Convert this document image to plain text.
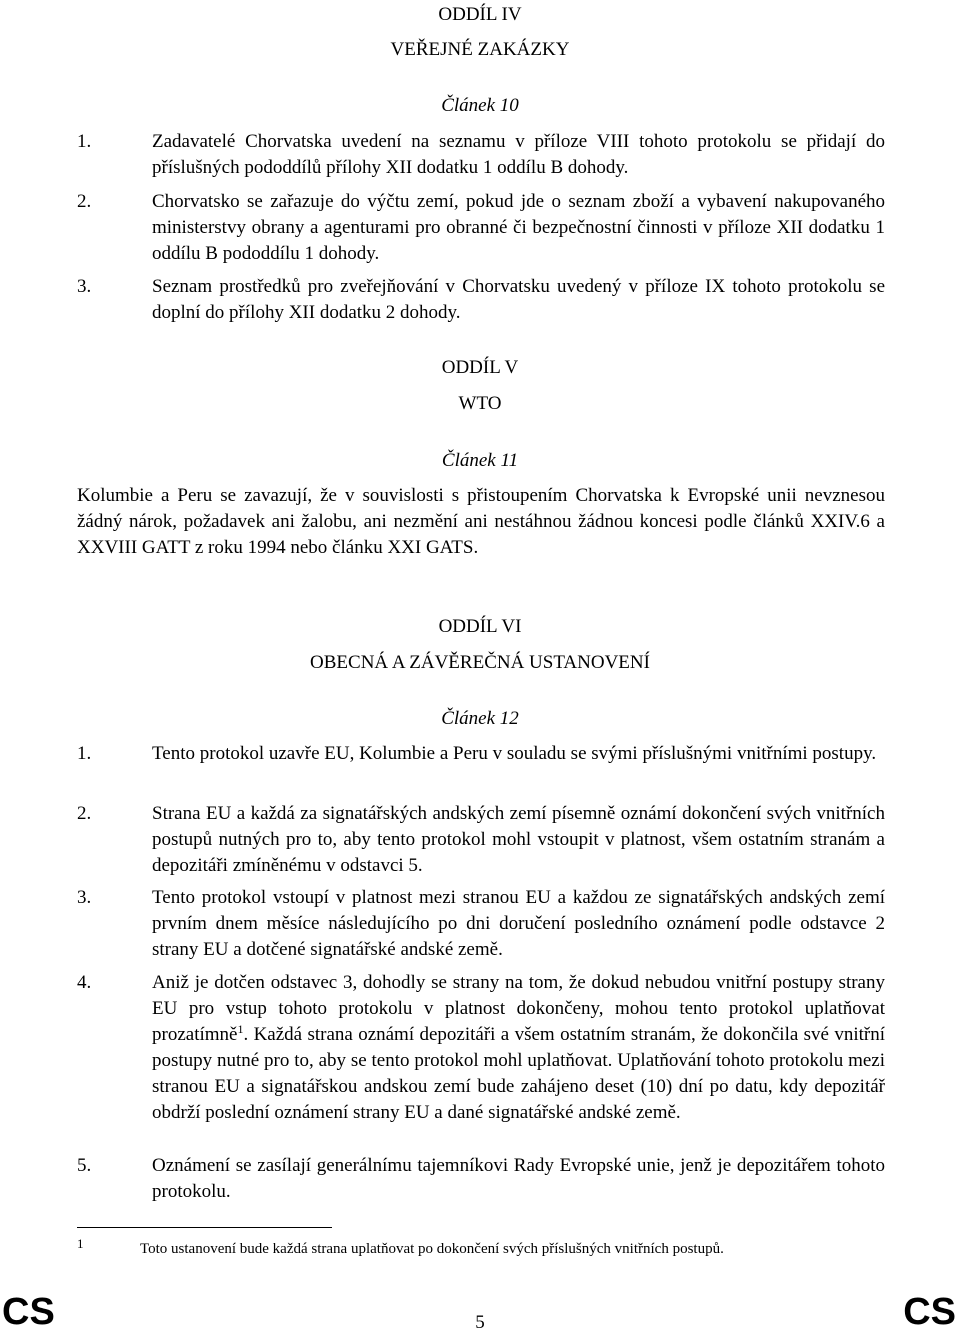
ODDÍL IV
VEŘEJNÉ ZAKÁZKY
Článek 10
1.	Zadavatelé Chorvatska uvedení na seznamu v příloze VIII tohoto protokolu se přidají do příslušných pododdílů přílohy XII dodatku 1 oddílu B dohody.
2.	Chorvatsko se zařazuje do výčtu zemí, pokud jde o seznam zboží a vybavení nakupovaného ministerstvy obrany a agenturami pro obranné či bezpečnostní činnosti v příloze XII dodatku 1 oddílu B pododdílu 1 dohody.
3.	Seznam prostředků pro zveřejňování v Chorvatsku uvedený v příloze IX tohoto protokolu se doplní do přílohy XII dodatku 2 dohody.
ODDÍL V
WTO
Článek 11
Kolumbie a Peru se zavazují, že v souvislosti s přistoupením Chorvatska k Evropské unii nevznesou žádný nárok, požadavek ani žalobu, ani nezmění ani nestáhnou žádnou koncesi podle článků XXIV.6 a XXVIII GATT z roku 1994 nebo článku XXI GATS.
ODDÍL VI
OBECNÁ A ZÁVĚREČNÁ USTANOVENÍ
Článek 12
1.	Tento protokol uzavře EU, Kolumbie a Peru v souladu se svými příslušnými vnitřními postupy.
2.	Strana EU a každá za signatářských andských zemí písemně oznámí dokončení svých vnitřních postupů nutných pro to, aby tento protokol mohl vstoupit v platnost, všem ostatním stranám a depozitáři zmíněnému v odstavci 5.
3.	Tento protokol vstoupí v platnost mezi stranou EU a každou ze signatářských andských zemí prvním dnem měsíce následujícího po dni doručení posledního oznámení podle odstavce 2 strany EU a dotčené signatářské andské země.
4.	Aniž je dotčen odstavec 3, dohodly se strany na tom, že dokud nebudou vnitřní postupy strany EU pro vstup tohoto protokolu v platnost dokončeny, mohou tento protokol uplatňovat prozatímně$^1$. Každá strana oznámí depozitáři a všem ostatním stranám, že dokončila své vnitřní postupy nutné pro to, aby se tento protokol mohl uplatňovat. Uplatňování tohoto protokolu mezi stranou EU a signatářskou andskou zemí bude zahájeno deset (10) dní po datu, kdy depozitář obdrží poslední oznámení strany EU a dané signatářské andské země.
5.	Oznámení se zasílají generálnímu tajemníkovi Rady Evropské unie, jenž je depozitářem tohoto protokolu.
1	Toto ustanovení bude každá strana uplatňovat po dokončení svých příslušných vnitřních postupů.
CS	5	CS
